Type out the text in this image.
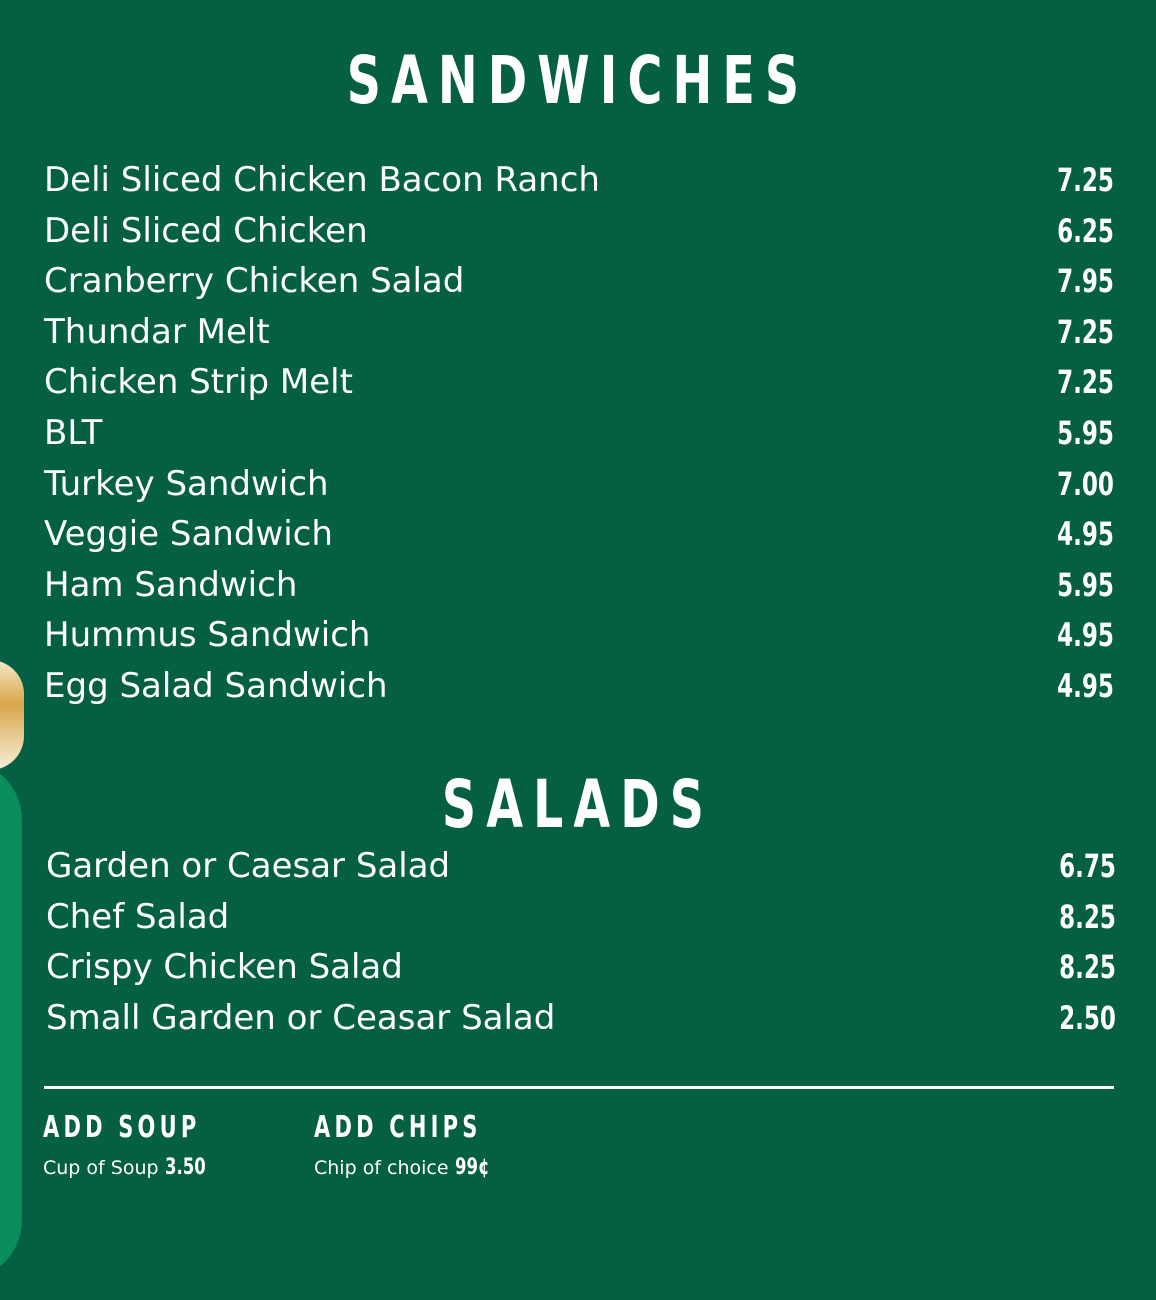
SANDWICHES
Deli Sliced Chicken Bacon Ranch	7.25
Deli Sliced Chicken	6.25
Cranberry Chicken Salad	7.95
Thundar Melt	7.25
Chicken Strip Melt	7.25
BLT	5.95
Turkey Sandwich	7.00
Veggie Sandwich	4.95
Ham Sandwich	5.95
Hummus Sandwich	4.95
Egg Salad Sandwich	4.95
SALADS
Garden or Caesar Salad	6.75
Chef Salad	8.25
Crispy Chicken Salad	8.25
Small Garden or Ceasar Salad	2.50
ADD SOUP
Cup of Soup 3.50
ADD CHIPS
Chip of choice 99¢
